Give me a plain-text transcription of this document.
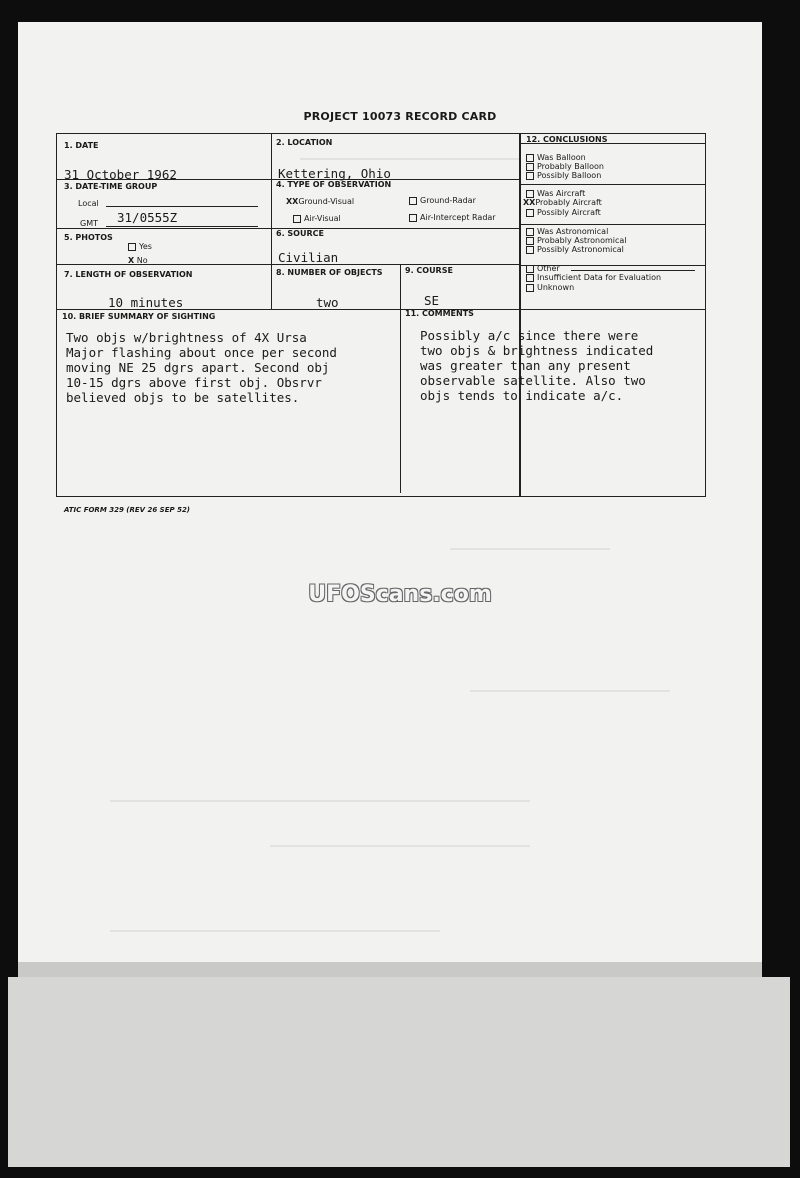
PROJECT 10073 RECORD CARD
1. DATE
31 October 1962
2. LOCATION
Kettering, Ohio
3. DATE-TIME GROUP
Local
GMT 31/0555Z
4. TYPE OF OBSERVATION
XXGround-Visual	Ground-Radar
Air-Visual	Air-Intercept Radar
5. PHOTOS
Yes
X No
6. SOURCE
Civilian
7. LENGTH OF OBSERVATION
10 minutes
8. NUMBER OF OBJECTS
two
9. COURSE
SE
10. BRIEF SUMMARY OF SIGHTING
Two objs w/brightness of 4X Ursa
Major flashing about once per second
moving NE 25 dgrs apart. Second obj
10-15 dgrs above first obj. Obsrvr
believed objs to be satellites.
11. COMMENTS
Possibly a/c since there were
two objs & brightness indicated
was greater than any present
observable satellite. Also two
objs tends to indicate a/c.
12. CONCLUSIONS
Was Balloon
Probably Balloon
Possibly Balloon
Was Aircraft
XXProbably Aircraft
Possibly Aircraft
Was Astronomical
Probably Astronomical
Possibly Astronomical
Other
Insufficient Data for Evaluation
Unknown
ATIC FORM 329 (REV 26 SEP 52)
UFOScans.com
